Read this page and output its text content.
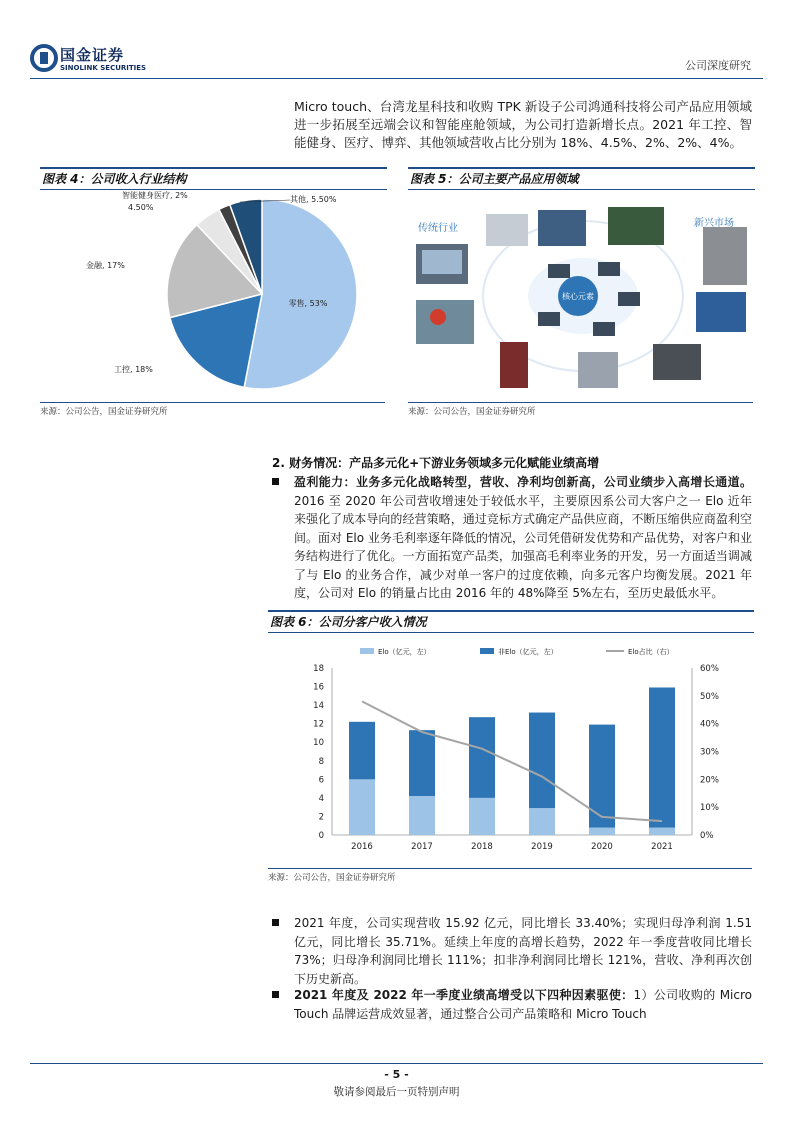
国金证券
SINOLINK SECURITIES	公司深度研究
Micro touch、台湾龙星科技和收购 TPK 新设子公司鸿通科技将公司产品应用领域进一步拓展至远端会议和智能座舱领域，为公司打造新增长点。2021 年工控、智能健身、医疗、博弈、其他领域营收占比分别为 18%、4.5%、2%、2%、4%。
图表 4：公司收入行业结构
零售, 53%
工控, 18%
金融, 17%
4.50%
智能健身医疗, 2%	其他, 5.50%
来源：公司公告，国金证券研究所
图表 5：公司主要产品应用领域
传统行业	新兴市场
核心元素
来源：公司公告，国金证券研究所
2. 财务情况：产品多元化+下游业务领域多元化赋能业绩高增
盈利能力：业务多元化战略转型，营收、净利均创新高，公司业绩步入高增长通道。2016 至 2020 年公司营收增速处于较低水平，主要原因系公司大客户之一 Elo 近年来强化了成本导向的经营策略，通过竞标方式确定产品供应商，不断压缩供应商盈利空间。面对 Elo 业务毛利率逐年降低的情况，公司凭借研发优势和产品优势，对客户和业务结构进行了优化。一方面拓宽产品类，加强高毛利率业务的开发，另一方面适当调减了与 Elo 的业务合作，减少对单一客户的过度依赖，向多元客户均衡发展。2021 年度，公司对 Elo 的销量占比由 2016 年的 48%降至 5%左右，至历史最低水平。
图表 6：公司分客户收入情况
0
2
4
6
8
10
12
14
16
18
0%
10%
20%
30%
40%
50%
60%
2016	2017	2018	2019	2020	2021
Elo（亿元，左）	非Elo（亿元，左）	Elo占比（右）
来源：公司公告，国金证券研究所
2021 年度，公司实现营收 15.92 亿元，同比增长 33.40%；实现归母净利润 1.51 亿元，同比增长 35.71%。延续上年度的高增长趋势，2022 年一季度营收同比增长 73%；归母净利润同比增长 111%；扣非净利润同比增长 121%，营收、净利再次创下历史新高。
2021 年度及 2022 年一季度业绩高增受以下四种因素驱使：1）公司收购的 Micro Touch 品牌运营成效显著，通过整合公司产品策略和 Micro Touch
- 5 -
敬请参阅最后一页特别声明
